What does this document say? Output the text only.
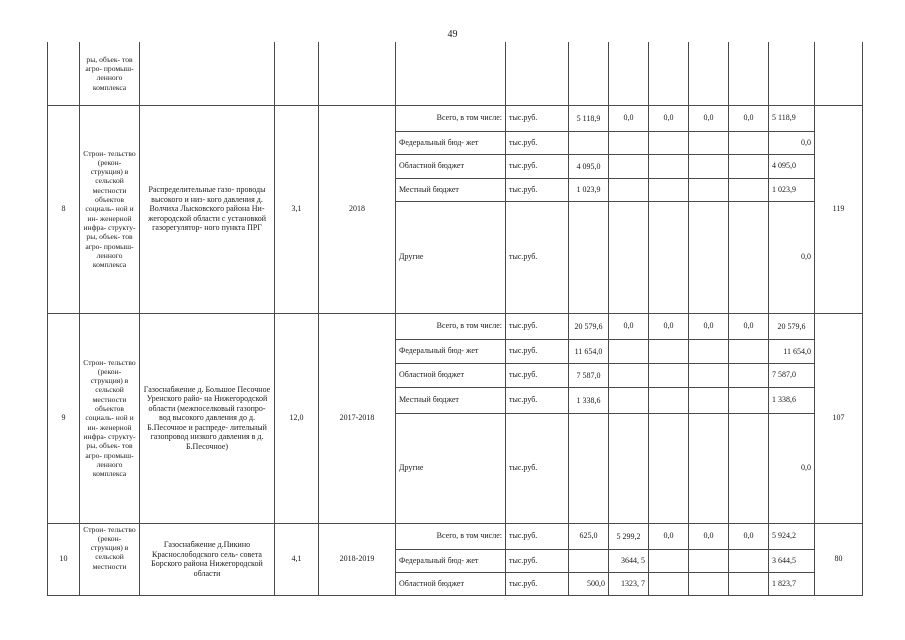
49
	ры, объек- тов агро- промыш- ленного комплекса												
8	Строи- тельство (рекон- струкция) в сельской местности объектов социаль- ной и ин- женерной инфра- структу- ры, объек- тов агро- промыш- ленного комплекса	Распределительные газо- проводы высокого и низ- кого давления д. Волчиха Лысковского района Ни- жегородской области с установкой газорегулятор- ного пункта ПРГ	3,1	2018	Всего, в том числе:	тыс.руб.	5 118,9	0,0	0,0	0,0	0,0	5 118,9	119
					Федеральный бюд- жет	тыс.руб.						0,0	
					Областной бюджет	тыс.руб.	4 095,0					4 095,0	
					Местный бюджет	тыс.руб.	1 023,9					1 023,9	
					Другие	тыс.руб.						0,0	
9	Строи- тельство (рекон- струкция) в сельской местности объектов социаль- ной и ин- женерной инфра- структу- ры, объек- тов агро- промыш- ленного комплекса	Газоснабжение д. Большое Песочное Уренского райо- на Нижегородской области (межпоселковый газопро- вод высокого давления до д. Б.Песочное и распреде- лительный газопровод низкого давления в д. Б.Песочное)	12,0	2017-2018	Всего, в том числе:	тыс.руб.	20 579,6	0,0	0,0	0,0	0,0	20 579,6	107
					Федеральный бюд- жет	тыс.руб.	11 654,0					11 654,0	
					Областной бюджет	тыс.руб.	7 587,0					7 587,0	
					Местный бюджет	тыс.руб.	1 338,6					1 338,6	
					Другие	тыс.руб.						0,0	
10	Строи- тельство (рекон- струкция) в сельской местности	Газоснабжение д.Пикино Краснослободского сель- совета Борского района Нижегородской области	4,1	2018-2019	Всего, в том числе:	тыс.руб.	625,0	5 299,2	0,0	0,0	0,0	5 924,2	80
					Федеральный бюд- жет	тыс.руб.		3644, 5				3 644,5	
					Областной бюджет	тыс.руб.	500,0	1323, 7				1 823,7	
